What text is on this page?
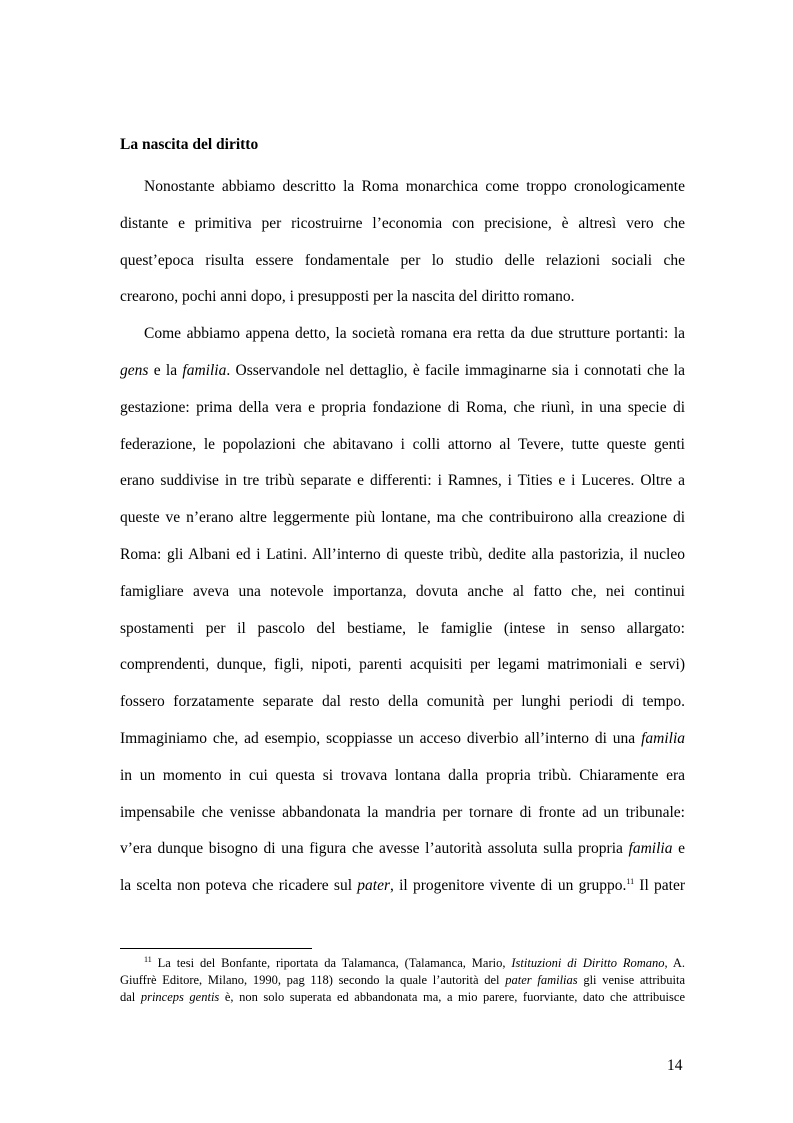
La nascita del diritto
Nonostante abbiamo descritto la Roma monarchica come troppo cronologicamente
distante e primitiva per ricostruirne l’economia con precisione, è altresì vero che
quest’epoca risulta essere fondamentale per lo studio delle relazioni sociali che
crearono, pochi anni dopo, i presupposti per la nascita del diritto romano.
Come abbiamo appena detto, la società romana era retta da due strutture portanti: la
gens e la familia. Osservandole nel dettaglio, è facile immaginarne sia i connotati che la
gestazione: prima della vera e propria fondazione di Roma, che riunì, in una specie di
federazione, le popolazioni che abitavano i colli attorno al Tevere, tutte queste genti
erano suddivise in tre tribù separate e differenti: i Ramnes, i Tities e i Luceres. Oltre a
queste ve n’erano altre leggermente più lontane, ma che contribuirono alla creazione di
Roma: gli Albani ed i Latini. All’interno di queste tribù, dedite alla pastorizia, il nucleo
famigliare aveva una notevole importanza, dovuta anche al fatto che, nei continui
spostamenti per il pascolo del bestiame, le famiglie (intese in senso allargato:
comprendenti, dunque, figli, nipoti, parenti acquisiti per legami matrimoniali e servi)
fossero forzatamente separate dal resto della comunità per lunghi periodi di tempo.
Immaginiamo che, ad esempio, scoppiasse un acceso diverbio all’interno di una familia
in un momento in cui questa si trovava lontana dalla propria tribù. Chiaramente era
impensabile che venisse abbandonata la mandria per tornare di fronte ad un tribunale:
v’era dunque bisogno di una figura che avesse l’autorità assoluta sulla propria familia e
la scelta non poteva che ricadere sul pater, il progenitore vivente di un gruppo.$^{11}$ Il pater
$^{11}$ La tesi del Bonfante, riportata da Talamanca, (Talamanca, Mario, Istituzioni di Diritto Romano, A.
Giuffrè Editore, Milano, 1990, pag 118) secondo la quale l’autorità del pater familias gli venise attribuita
dal princeps gentis è, non solo superata ed abbandonata ma, a mio parere, fuorviante, dato che attribuisce
14
